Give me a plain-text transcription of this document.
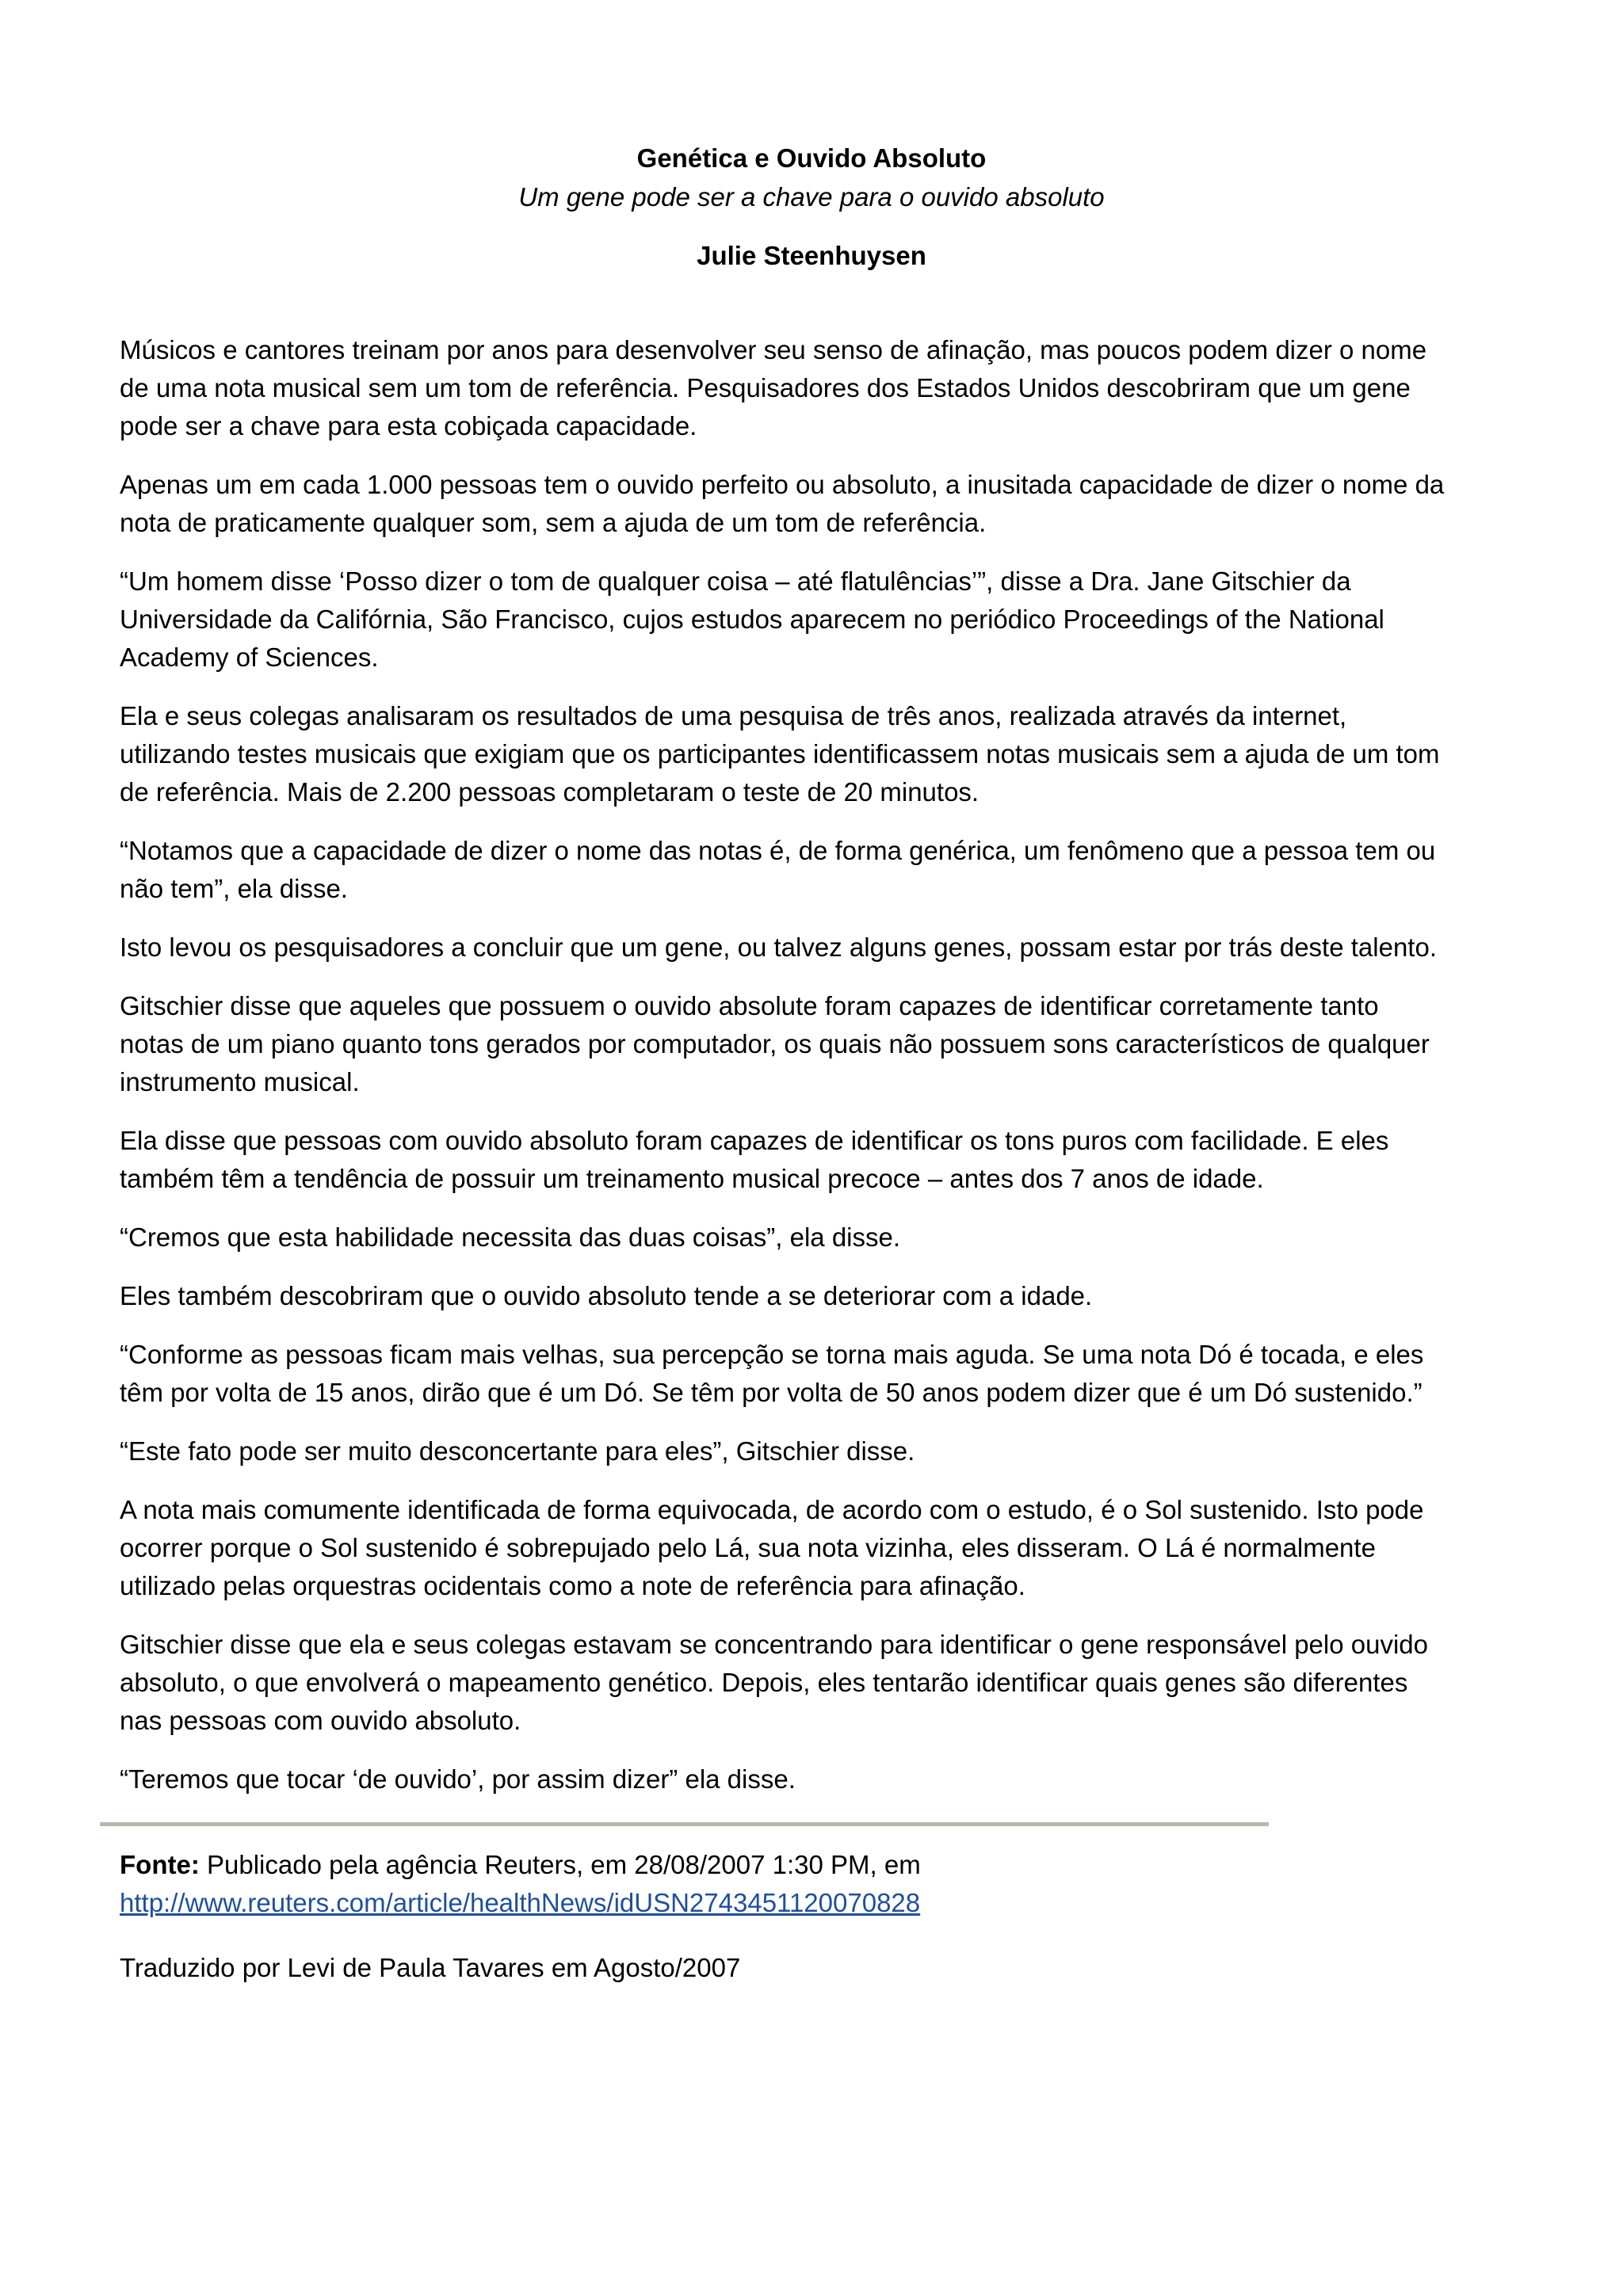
Genética e Ouvido Absoluto
Um gene pode ser a chave para o ouvido absoluto
Julie Steenhuysen

Músicos e cantores treinam por anos para desenvolver seu senso de afinação, mas poucos podem dizer o nome
de uma nota musical sem um tom de referência. Pesquisadores dos Estados Unidos descobriram que um gene
pode ser a chave para esta cobiçada capacidade.

Apenas um em cada 1.000 pessoas tem o ouvido perfeito ou absoluto, a inusitada capacidade de dizer o nome da
nota de praticamente qualquer som, sem a ajuda de um tom de referência.

“Um homem disse ‘Posso dizer o tom de qualquer coisa – até flatulências’”, disse a Dra. Jane Gitschier da
Universidade da Califórnia, São Francisco, cujos estudos aparecem no periódico Proceedings of the National
Academy of Sciences.

Ela e seus colegas analisaram os resultados de uma pesquisa de três anos, realizada através da internet,
utilizando testes musicais que exigiam que os participantes identificassem notas musicais sem a ajuda de um tom
de referência. Mais de 2.200 pessoas completaram o teste de 20 minutos.

“Notamos que a capacidade de dizer o nome das notas é, de forma genérica, um fenômeno que a pessoa tem ou
não tem”, ela disse.

Isto levou os pesquisadores a concluir que um gene, ou talvez alguns genes, possam estar por trás deste talento.

Gitschier disse que aqueles que possuem o ouvido absolute foram capazes de identificar corretamente tanto
notas de um piano quanto tons gerados por computador, os quais não possuem sons característicos de qualquer
instrumento musical.

Ela disse que pessoas com ouvido absoluto foram capazes de identificar os tons puros com facilidade. E eles
também têm a tendência de possuir um treinamento musical precoce – antes dos 7 anos de idade.

“Cremos que esta habilidade necessita das duas coisas”, ela disse.

Eles também descobriram que o ouvido absoluto tende a se deteriorar com a idade.

“Conforme as pessoas ficam mais velhas, sua percepção se torna mais aguda. Se uma nota Dó é tocada, e eles
têm por volta de 15 anos, dirão que é um Dó. Se têm por volta de 50 anos podem dizer que é um Dó sustenido.”

“Este fato pode ser muito desconcertante para eles”, Gitschier disse.

A nota mais comumente identificada de forma equivocada, de acordo com o estudo, é o Sol sustenido. Isto pode
ocorrer porque o Sol sustenido é sobrepujado pelo Lá, sua nota vizinha, eles disseram. O Lá é normalmente
utilizado pelas orquestras ocidentais como a note de referência para afinação.

Gitschier disse que ela e seus colegas estavam se concentrando para identificar o gene responsável pelo ouvido
absoluto, o que envolverá o mapeamento genético. Depois, eles tentarão identificar quais genes são diferentes
nas pessoas com ouvido absoluto.

“Teremos que tocar ‘de ouvido’, por assim dizer” ela disse.

Fonte: Publicado pela agência Reuters, em 28/08/2007 1:30 PM, em
http://www.reuters.com/article/healthNews/idUSN2743451120070828
Traduzido por Levi de Paula Tavares em Agosto/2007
